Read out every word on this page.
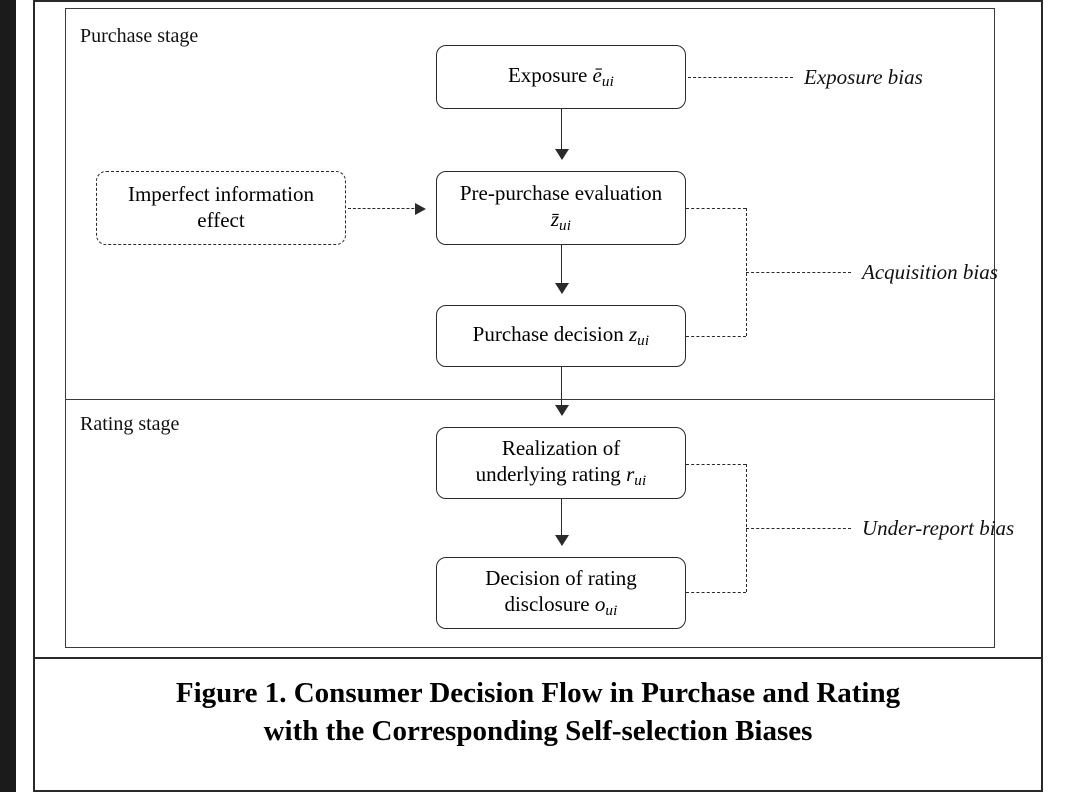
Purchase stage
Rating stage
Exposure $ē_{ui}$
Imperfect information effect
Pre-purchase evaluation
$z̄_{ui}$
Purchase decision $z_{ui}$
Realization of
underlying rating $r_{ui}$
Decision of rating
disclosure $o_{ui}$
Exposure bias
Acquisition bias
Under-report bias
Figure 1. Consumer Decision Flow in Purchase and Rating
with the Corresponding Self-selection Biases
